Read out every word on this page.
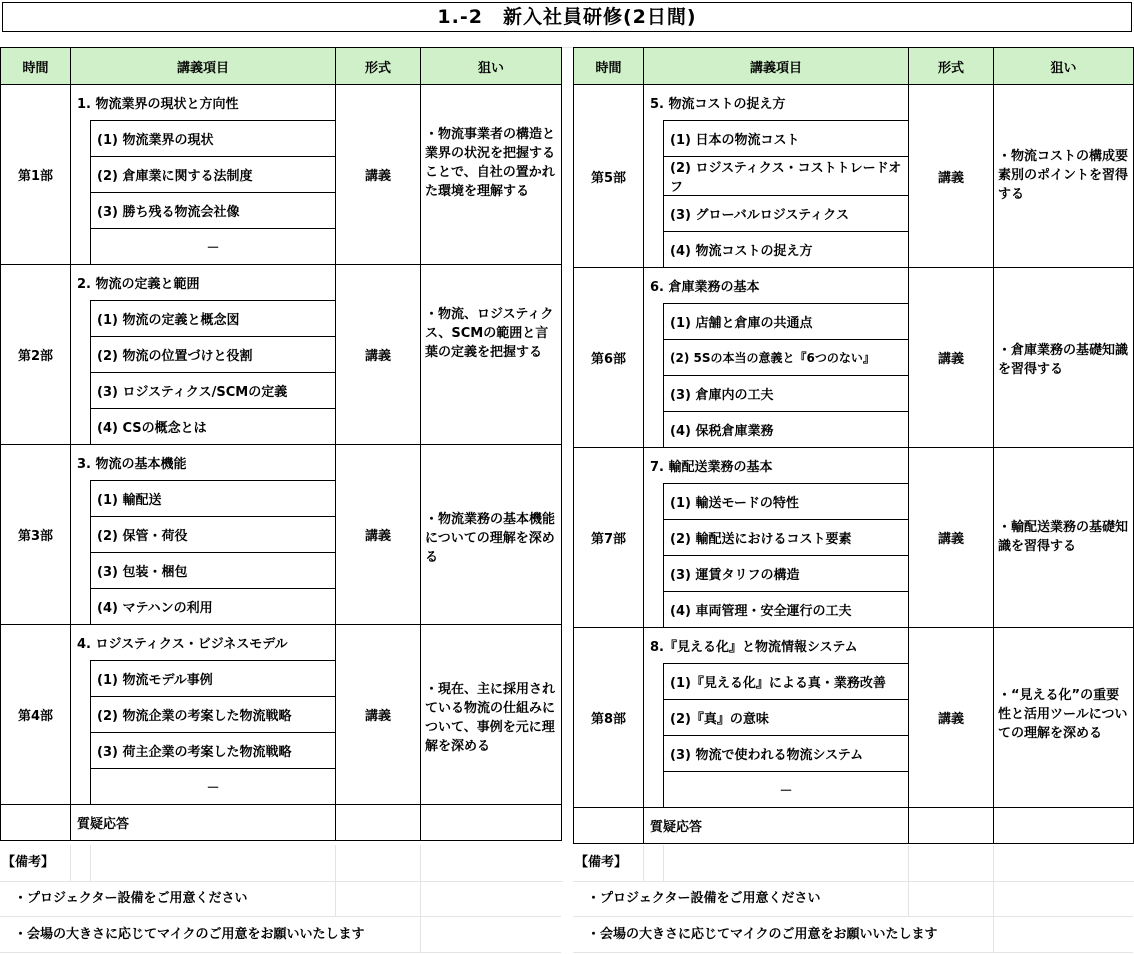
1.-2　新入社員研修(2日間)
時間	講義項目		形式	狙い
第1部	1. 物流業界の現状と方向性		講義	・物流事業者の構造と業界の状況を把握することで、自社の置かれた環境を理解する

		(1) 物流業界の現状		
		(2) 倉庫業に関する法制度		
		(3) 勝ち残る物流会社像		
		－		
第2部	2. 物流の定義と範囲		講義	・物流、ロジスティクス、SCMの範囲と言葉の定義を把握する

		(1) 物流の定義と概念図		
		(2) 物流の位置づけと役割		
		(3) ロジスティクス/SCMの定義		
		(4) CSの概念とは		
第3部	3. 物流の基本機能		講義	・物流業務の基本機能についての理解を深める

		(1) 輸配送		
		(2) 保管・荷役		
		(3) 包装・梱包		
		(4) マテハンの利用		
第4部	4. ロジスティクス・ビジネスモデル		講義	・現在、主に採用されている物流の仕組みについて、事例を元に理解を深める

		(1) 物流モデル事例		
		(2) 物流企業の考案した物流戦略		
		(3) 荷主企業の考案した物流戦略		
		－		
	質疑応答			
時間	講義項目		形式	狙い
第5部	5. 物流コストの捉え方		講義	・物流コストの構成要素別のポイントを習得する

		(1) 日本の物流コスト		
		(2) ロジスティクス・コストトレードオフ		
		(3) グローバルロジスティクス		
		(4) 物流コストの捉え方		
第6部	6. 倉庫業務の基本		講義	・倉庫業務の基礎知識を習得する

		(1) 店舗と倉庫の共通点		
		(2) 5Sの本当の意義と『6つのない』		
		(3) 倉庫内の工夫		
		(4) 保税倉庫業務		
第7部	7. 輸配送業務の基本		講義	・輸配送業務の基礎知識を習得する

		(1) 輸送モードの特性		
		(2) 輸配送におけるコスト要素		
		(3) 運賃タリフの構造		
		(4) 車両管理・安全運行の工夫		
第8部	8.『見える化』と物流情報システム		講義	・“見える化”の重要性と活用ツールについての理解を深める

		(1)『見える化』による真・業務改善		
		(2)『真』の意味		
		(3) 物流で使われる物流システム		
		－		
	質疑応答			
【備考】
・プロジェクター設備をご用意ください
・会場の大きさに応じてマイクのご用意をお願いいたします
【備考】
・プロジェクター設備をご用意ください
・会場の大きさに応じてマイクのご用意をお願いいたします
